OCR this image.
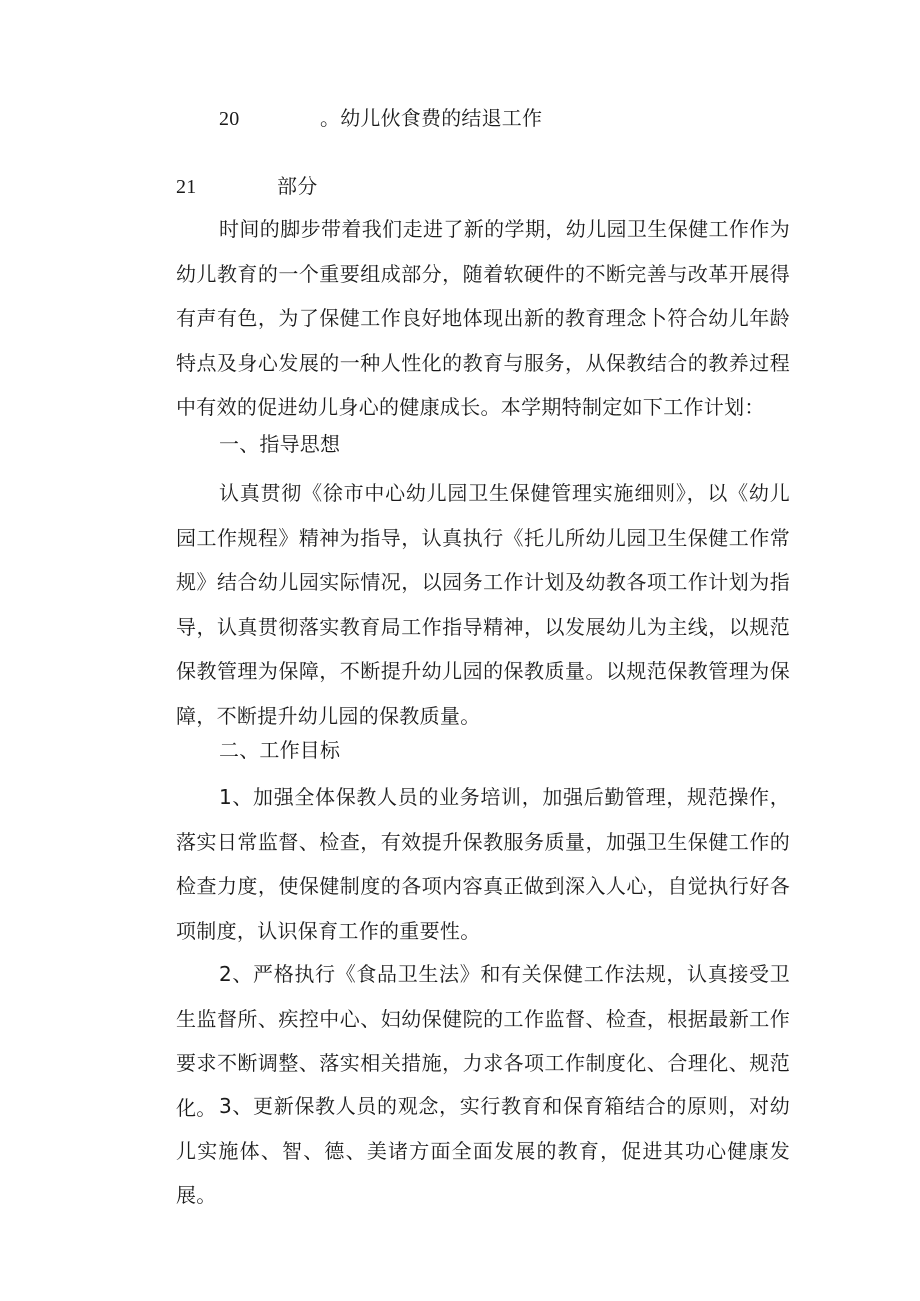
20	。幼儿伙食费的结退工作
21	部分
时间的脚步带着我们走进了新的学期，幼儿园卫生保健工作作为幼儿教育的一个重要组成部分，随着软硬件的不断完善与改革开展得有声有色，为了保健工作良好地体现出新的教育理念卜符合幼儿年龄特点及身心发展的一种人性化的教育与服务，从保教结合的教养过程中有效的促进幼儿身心的健康成长。本学期特制定如下工作计划：
一、指导思想
认真贯彻《徐市中心幼儿园卫生保健管理实施细则》，以《幼儿园工作规程》精神为指导，认真执行《托儿所幼儿园卫生保健工作常规》结合幼儿园实际情况，以园务工作计划及幼教各项工作计划为指导，认真贯彻落实教育局工作指导精神，以发展幼儿为主线，以规范保教管理为保障，不断提升幼儿园的保教质量。以规范保教管理为保障，不断提升幼儿园的保教质量。
二、工作目标
1、加强全体保教人员的业务培训，加强后勤管理，规范操作，落实日常监督、检查，有效提升保教服务质量，加强卫生保健工作的检查力度，使保健制度的各项内容真正做到深入人心，自觉执行好各项制度，认识保育工作的重要性。
2、严格执行《食品卫生法》和有关保健工作法规，认真接受卫生监督所、疾控中心、妇幼保健院的工作监督、检查，根据最新工作要求不断调整、落实相关措施，力求各项工作制度化、合理化、规范化。 3、更新保教人员的观念，实行教育和保育箱结合的原则，对幼儿实施体、智、德、美诸方面全面发展的教育，促进其功心健康发展。
